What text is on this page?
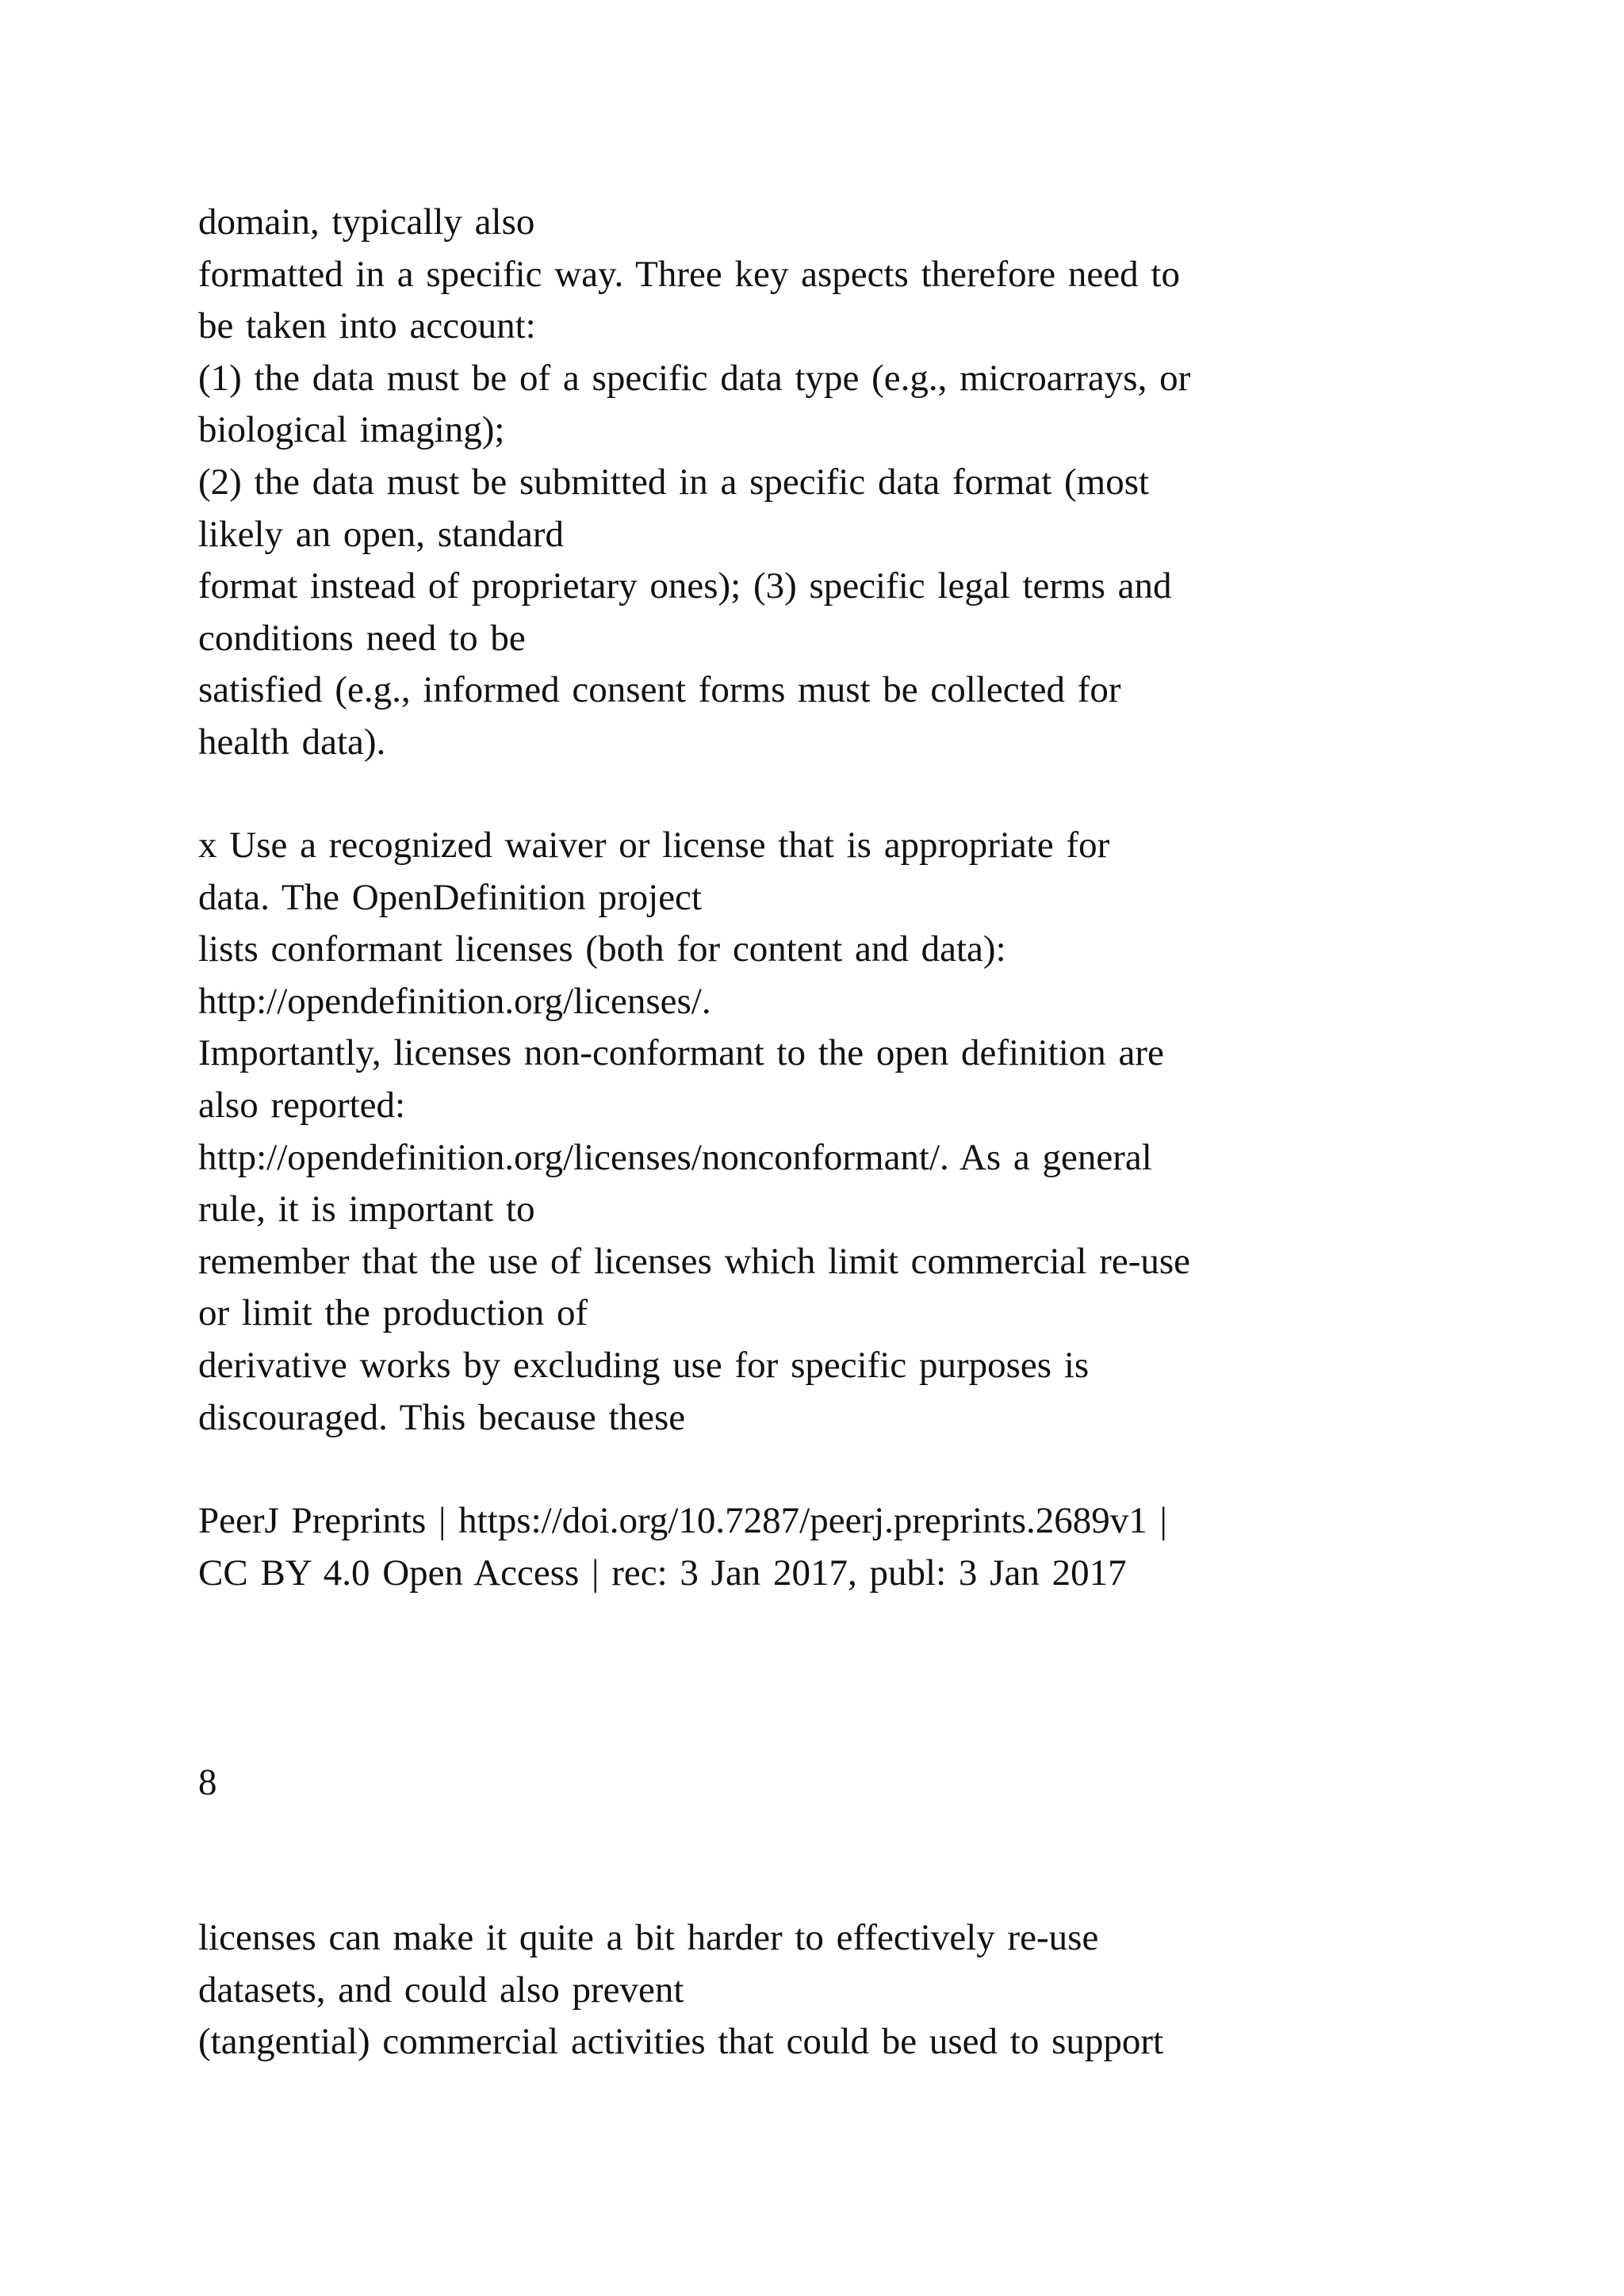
domain, typically also
formatted in a specific way. Three key aspects therefore need to
be taken into account:
(1) the data must be of a specific data type (e.g., microarrays, or
biological imaging);
(2) the data must be submitted in a specific data format (most
likely an open, standard
format instead of proprietary ones); (3) specific legal terms and
conditions need to be
satisfied (e.g., informed consent forms must be collected for
health data).
x Use a recognized waiver or license that is appropriate for
data. The OpenDefinition project
lists conformant licenses (both for content and data):
http://opendefinition.org/licenses/.
Importantly, licenses non-conformant to the open definition are
also reported:
http://opendefinition.org/licenses/nonconformant/. As a general
rule, it is important to
remember that the use of licenses which limit commercial re-use
or limit the production of
derivative works by excluding use for specific purposes is
discouraged. This because these
PeerJ Preprints | https://doi.org/10.7287/peerj.preprints.2689v1 |
CC BY 4.0 Open Access | rec: 3 Jan 2017, publ: 3 Jan 2017
8
licenses can make it quite a bit harder to effectively re-use
datasets, and could also prevent
(tangential) commercial activities that could be used to support
